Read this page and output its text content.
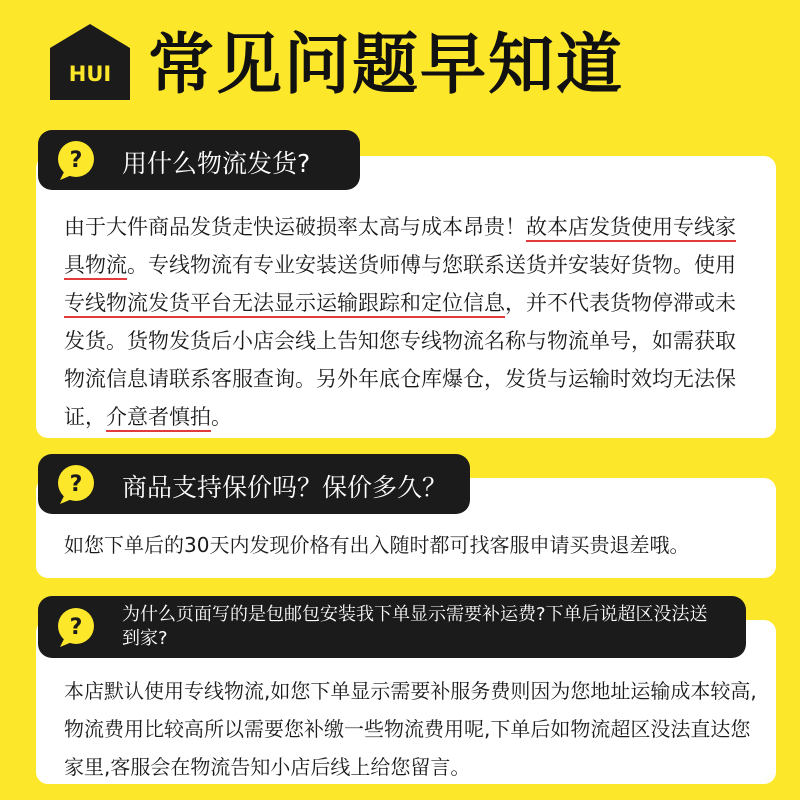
HUI 常见问题早知道
由于大件商品发货走快运破损率太高与成本昂贵！故本店发货使用专线家具物流。专线物流有专业安装送货师傅与您联系送货并安装好货物。使用专线物流发货平台无法显示运输跟踪和定位信息，并不代表货物停滞或未发货。货物发货后小店会线上告知您专线物流名称与物流单号，如需获取物流信息请联系客服查询。另外年底仓库爆仓，发货与运输时效均无法保证，介意者慎拍。
? 用什么物流发货?
如您下单后的30天内发现价格有出入随时都可找客服申请买贵退差哦。
? 商品支持保价吗？保价多久？
本店默认使用专线物流,如您下单显示需要补服务费则因为您地址运输成本较高,物流费用比较高所以需要您补缴一些物流费用呢,下单后如物流超区没法直达您家里,客服会在物流告知小店后线上给您留言。
?
为什么页面写的是包邮包安装我下单显示需要补运费?下单后说超区没法送到家?
